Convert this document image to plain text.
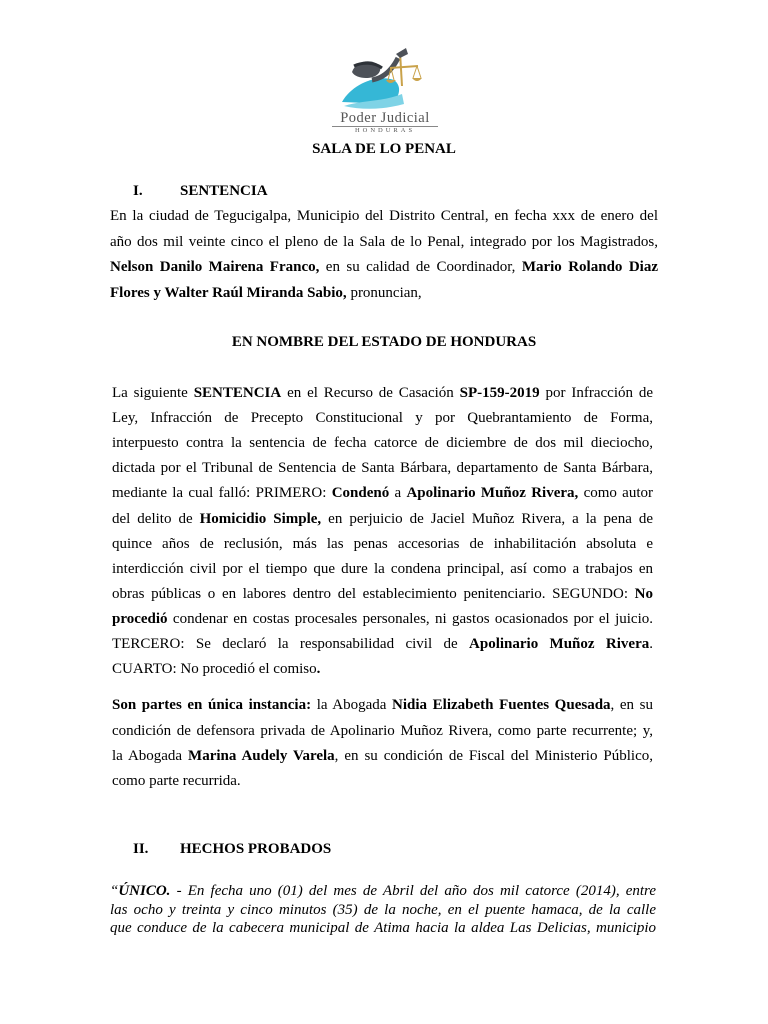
Poder Judicial
HONDURAS
SALA DE LO PENAL
I. SENTENCIA
En la ciudad de Tegucigalpa, Municipio del Distrito Central, en fecha xxx de enero del
año dos mil veinte cinco el pleno de la Sala de lo Penal, integrado por los Magistrados,
Nelson Danilo Mairena Franco, en su calidad de Coordinador, Mario Rolando Diaz
Flores y Walter Raúl Miranda Sabio, pronuncian,
EN NOMBRE DEL ESTADO DE HONDURAS
La siguiente SENTENCIA en el Recurso de Casación SP-159-2019 por Infracción de
Ley, Infracción de Precepto Constitucional y por Quebrantamiento de Forma,
interpuesto contra la sentencia de fecha catorce de diciembre de dos mil dieciocho,
dictada por el Tribunal de Sentencia de Santa Bárbara, departamento de Santa Bárbara,
mediante la cual falló: PRIMERO: Condenó a Apolinario Muñoz Rivera, como autor
del delito de Homicidio Simple, en perjuicio de Jaciel Muñoz Rivera, a la pena de
quince años de reclusión, más las penas accesorias de inhabilitación absoluta e
interdicción civil por el tiempo que dure la condena principal, así como a trabajos en
obras públicas o en labores dentro del establecimiento penitenciario. SEGUNDO: No
procedió condenar en costas procesales personales, ni gastos ocasionados por el juicio.
TERCERO: Se declaró la responsabilidad civil de Apolinario Muñoz Rivera.
CUARTO: No procedió el comiso.
Son partes en única instancia: la Abogada Nidia Elizabeth Fuentes Quesada, en su
condición de defensora privada de Apolinario Muñoz Rivera, como parte recurrente; y,
la Abogada Marina Audely Varela, en su condición de Fiscal del Ministerio Público,
como parte recurrida.
II. HECHOS PROBADOS
“ÚNICO. - En fecha uno (01) del mes de Abril del año dos mil catorce (2014), entre
las ocho y treinta y cinco minutos (35) de la noche, en el puente hamaca, de la calle
que conduce de la cabecera municipal de Atima hacia la aldea Las Delicias, municipio
